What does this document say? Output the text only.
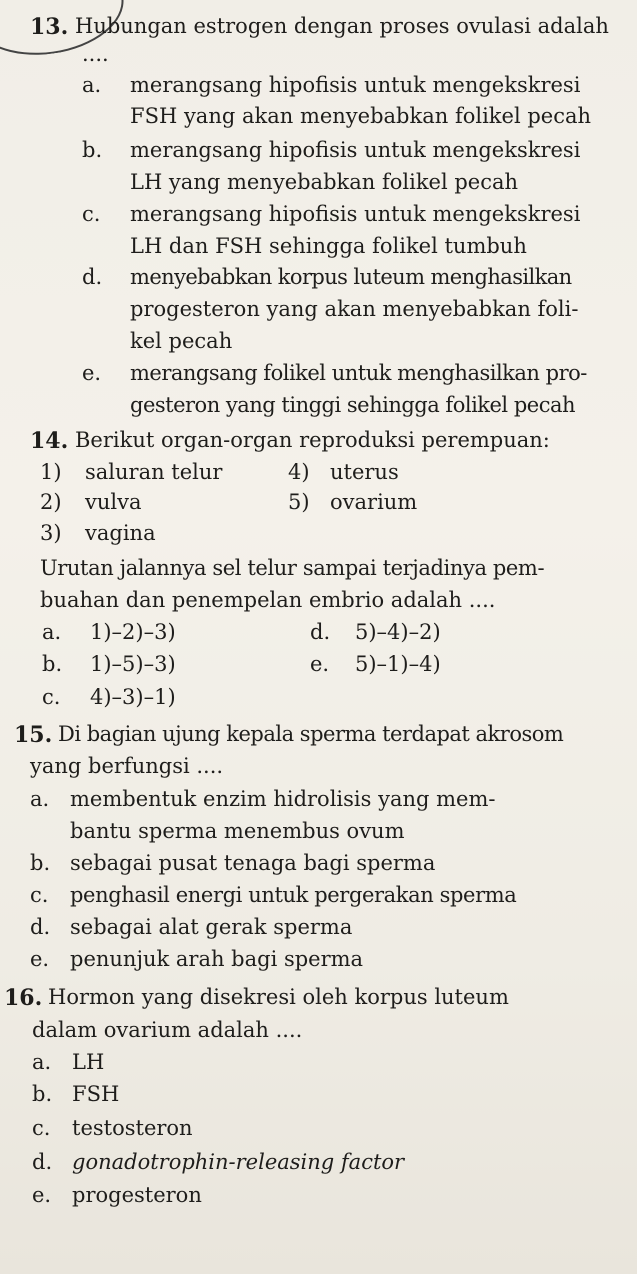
13. Hubungan estrogen dengan proses ovulasi adalah
....
a. merangsang hipofisis untuk mengekskresi
FSH yang akan menyebabkan folikel pecah
b. merangsang hipofisis untuk mengekskresi
LH yang menyebabkan folikel pecah
c. merangsang hipofisis untuk mengekskresi
LH dan FSH sehingga folikel tumbuh
d. menyebabkan korpus luteum menghasilkan
progesteron yang akan menyebabkan foli-
kel pecah
e. merangsang folikel untuk menghasilkan pro-
gesteron yang tinggi sehingga folikel pecah
14. Berikut organ-organ reproduksi perempuan:
1) saluran telur	4) uterus
2) vulva	5) ovarium
3) vagina
Urutan jalannya sel telur sampai terjadinya pem-
buahan dan penempelan embrio adalah ....
a. 1)–2)–3)	d. 5)–4)–2)
b. 1)–5)–3)	e. 5)–1)–4)
c. 4)–3)–1)
15. Di bagian ujung kepala sperma terdapat akrosom
yang berfungsi ....
a. membentuk enzim hidrolisis yang mem-
bantu sperma menembus ovum
b. sebagai pusat tenaga bagi sperma
c. penghasil energi untuk pergerakan sperma
d. sebagai alat gerak sperma
e. penunjuk arah bagi sperma
16. Hormon yang disekresi oleh korpus luteum
dalam ovarium adalah ....
a. LH
b. FSH
c. testosteron
d. gonadotrophin-releasing factor
e. progesteron
